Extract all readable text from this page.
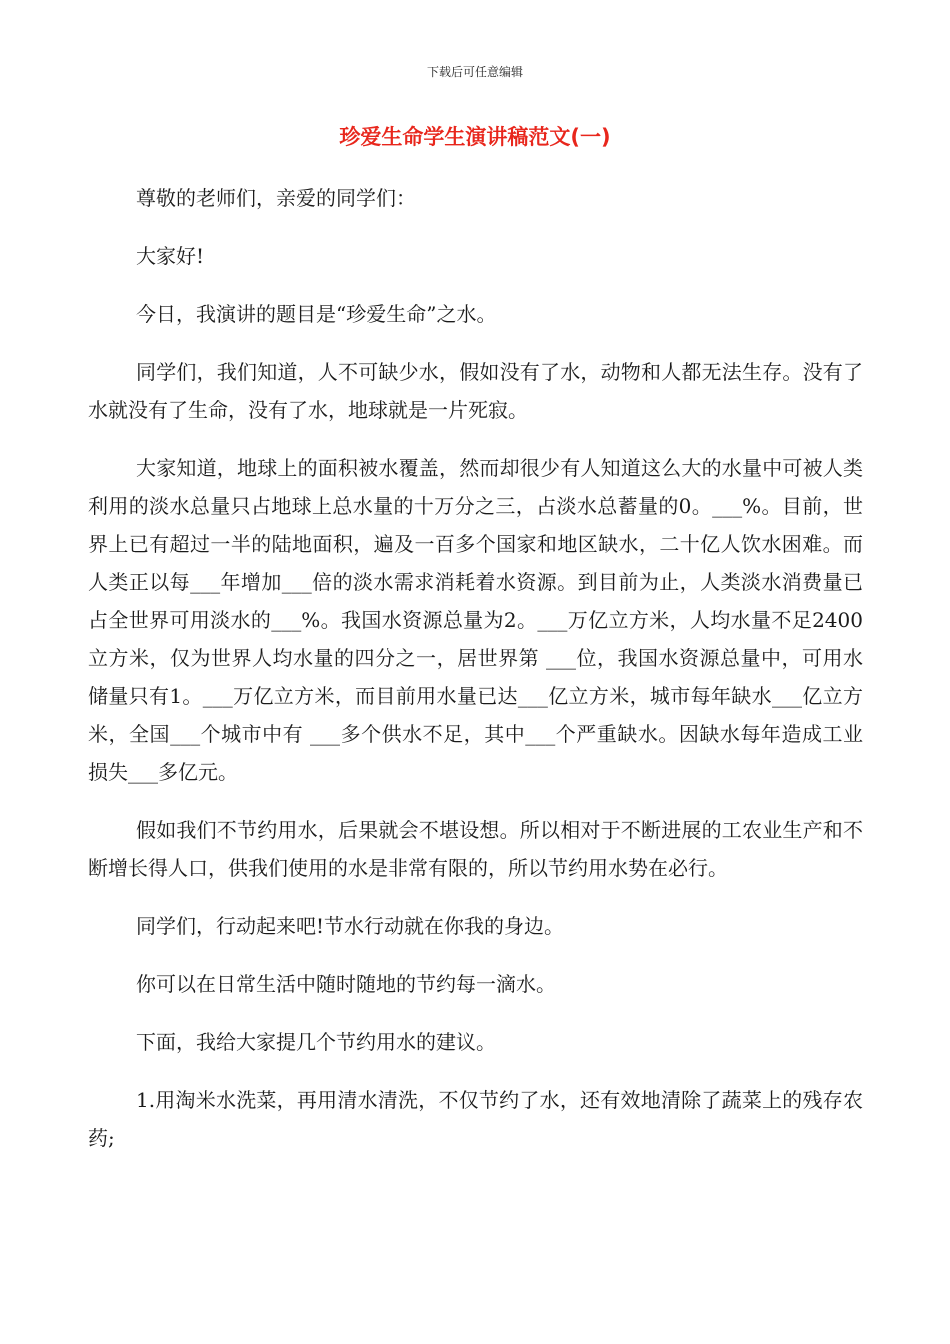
下载后可任意编辑
珍爱生命学生演讲稿范文(一)

尊敬的老师们，亲爱的同学们：

大家好!

今日，我演讲的题目是“珍爱生命”之水。

同学们，我们知道，人不可缺少水，假如没有了水，动物和人都无法生存。没有了水就没有了生命，没有了水，地球就是一片死寂。

大家知道，地球上的面积被水覆盖，然而却很少有人知道这么大的水量中可被人类利用的淡水总量只占地球上总水量的十万分之三，占淡水总蓄量的0。___%。目前，世界上已有超过一半的陆地面积，遍及一百多个国家和地区缺水，二十亿人饮水困难。而人类正以每___年增加___倍的淡水需求消耗着水资源。到目前为止，人类淡水消费量已占全世界可用淡水的___%。我国水资源总量为2。___万亿立方米，人均水量不足2400立方米，仅为世界人均水量的四分之一，居世界第 ___位，我国水资源总量中，可用水储量只有1。___万亿立方米，而目前用水量已达___亿立方米，城市每年缺水___亿立方米，全国___个城市中有 ___多个供水不足，其中___个严重缺水。因缺水每年造成工业损失___多亿元。

假如我们不节约用水，后果就会不堪设想。所以相对于不断进展的工农业生产和不断增长得人口，供我们使用的水是非常有限的，所以节约用水势在必行。

同学们，行动起来吧!节水行动就在你我的身边。

你可以在日常生活中随时随地的节约每一滴水。

下面，我给大家提几个节约用水的建议。

1.用淘米水洗菜，再用清水清洗，不仅节约了水，还有效地清除了蔬菜上的残存农药;
